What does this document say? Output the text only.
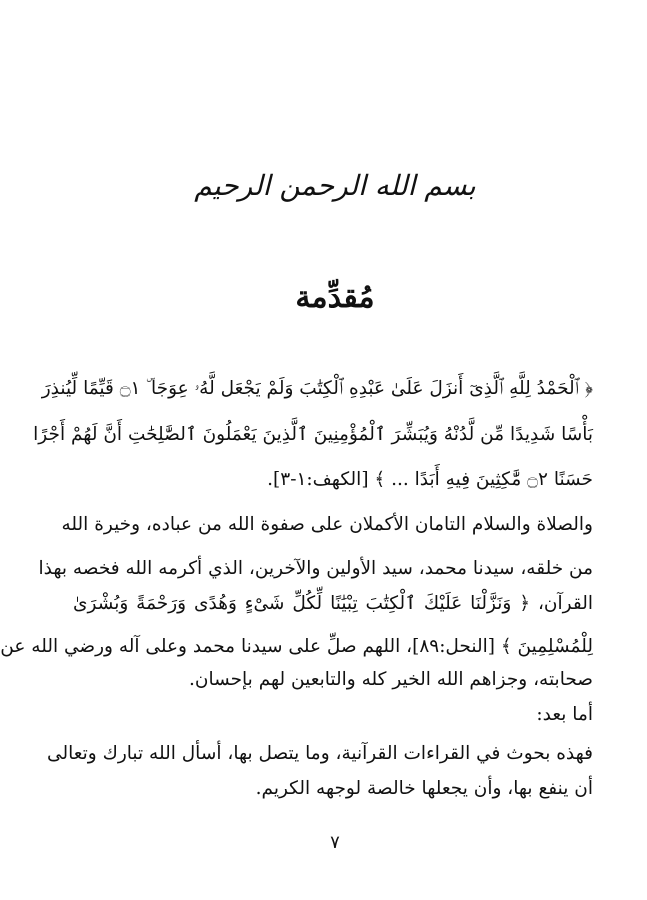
بسم الله الرحمن الرحيم
مُقدِّمة
﴿ ٱلْحَمْدُ لِلَّهِ ٱلَّذِىٓ أَنزَلَ عَلَىٰ عَبْدِهِ ٱلْكِتَٰبَ وَلَمْ يَجْعَل لَّهُۥ عِوَجَا ۜ ۝١ قَيِّمًا لِّيُنذِرَ
بَأْسًا شَدِيدًا مِّن لَّدُنْهُ وَيُبَشِّرَ ٱلْمُؤْمِنِينَ ٱلَّذِينَ يَعْمَلُونَ ٱلصَّٰلِحَٰتِ أَنَّ لَهُمْ أَجْرًا
حَسَنًا ۝٢ مَّٰكِثِينَ فِيهِ أَبَدًا ... ﴾ [الكهف:١-٣].
والصلاة والسلام التامان الأكملان على صفوة الله من عباده، وخيرة الله
من خلقه، سيدنا محمد، سيد الأولين والآخرين، الذي أكرمه الله فخصه بهذا
القرآن، ﴿ وَنَزَّلْنَا عَلَيْكَ ٱلْكِتَٰبَ تِبْيَٰنًا لِّكُلِّ شَىْءٍ وَهُدًى وَرَحْمَةً وَبُشْرَىٰ
لِلْمُسْلِمِينَ ﴾ [النحل:٨٩]، اللهم صلِّ على سيدنا محمد وعلى آله ورضي الله عن
صحابته، وجزاهم الله الخير كله والتابعين لهم بإحسان.
أما بعد:
فهذه بحوث في القراءات القرآنية، وما يتصل بها، أسأل الله تبارك وتعالى
أن ينفع بها، وأن يجعلها خالصة لوجهه الكريم.
٧
